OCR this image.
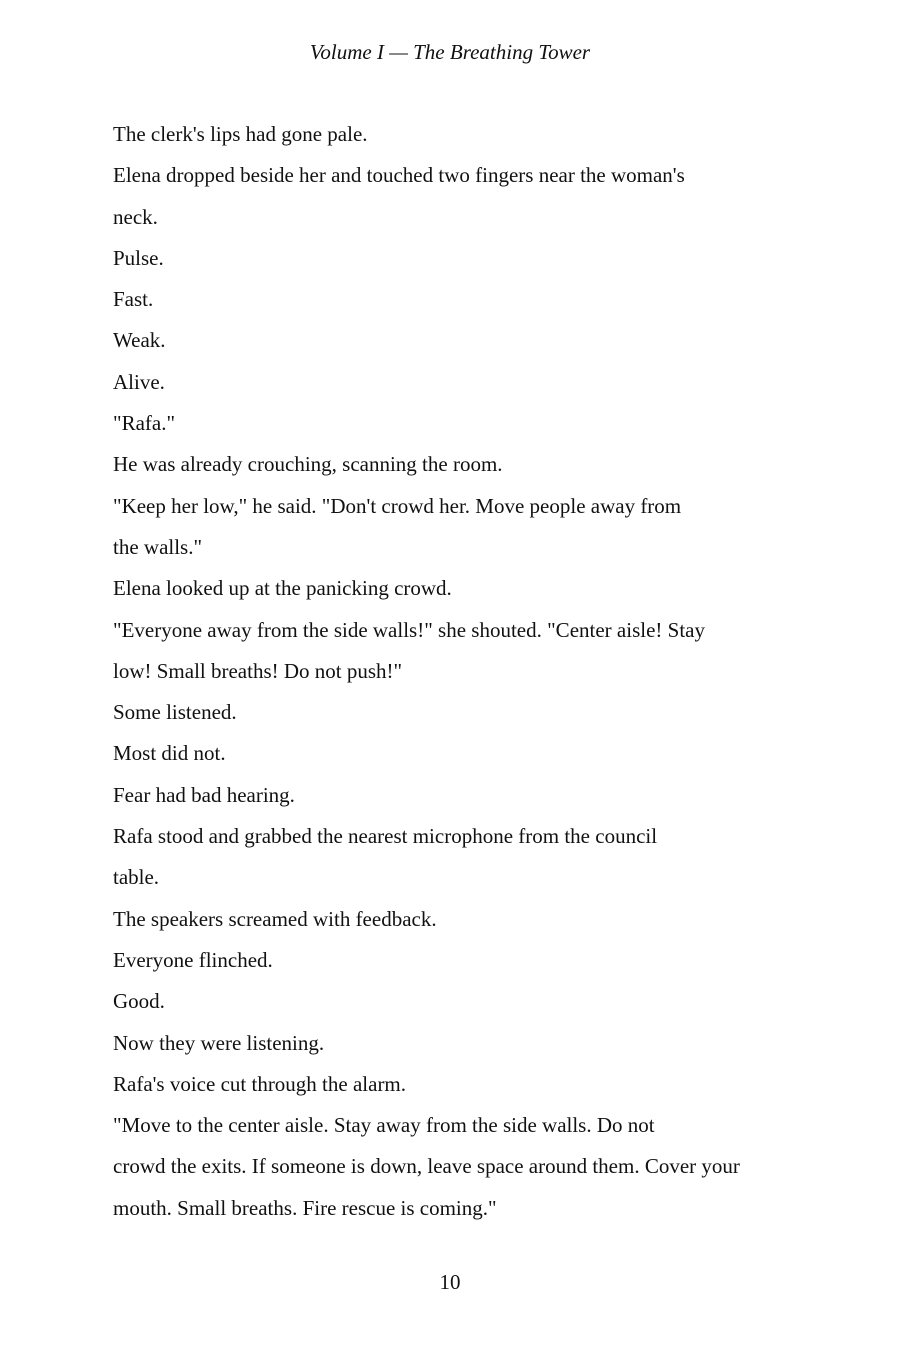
Volume I — The Breathing Tower
The clerk's lips had gone pale.
Elena dropped beside her and touched two fingers near the woman's
neck.
Pulse.
Fast.
Weak.
Alive.
"Rafa."
He was already crouching, scanning the room.
"Keep her low," he said. "Don't crowd her. Move people away from
the walls."
Elena looked up at the panicking crowd.
"Everyone away from the side walls!" she shouted. "Center aisle! Stay
low! Small breaths! Do not push!"
Some listened.
Most did not.
Fear had bad hearing.
Rafa stood and grabbed the nearest microphone from the council
table.
The speakers screamed with feedback.
Everyone flinched.
Good.
Now they were listening.
Rafa's voice cut through the alarm.
"Move to the center aisle. Stay away from the side walls. Do not
crowd the exits. If someone is down, leave space around them. Cover your
mouth. Small breaths. Fire rescue is coming."
10
